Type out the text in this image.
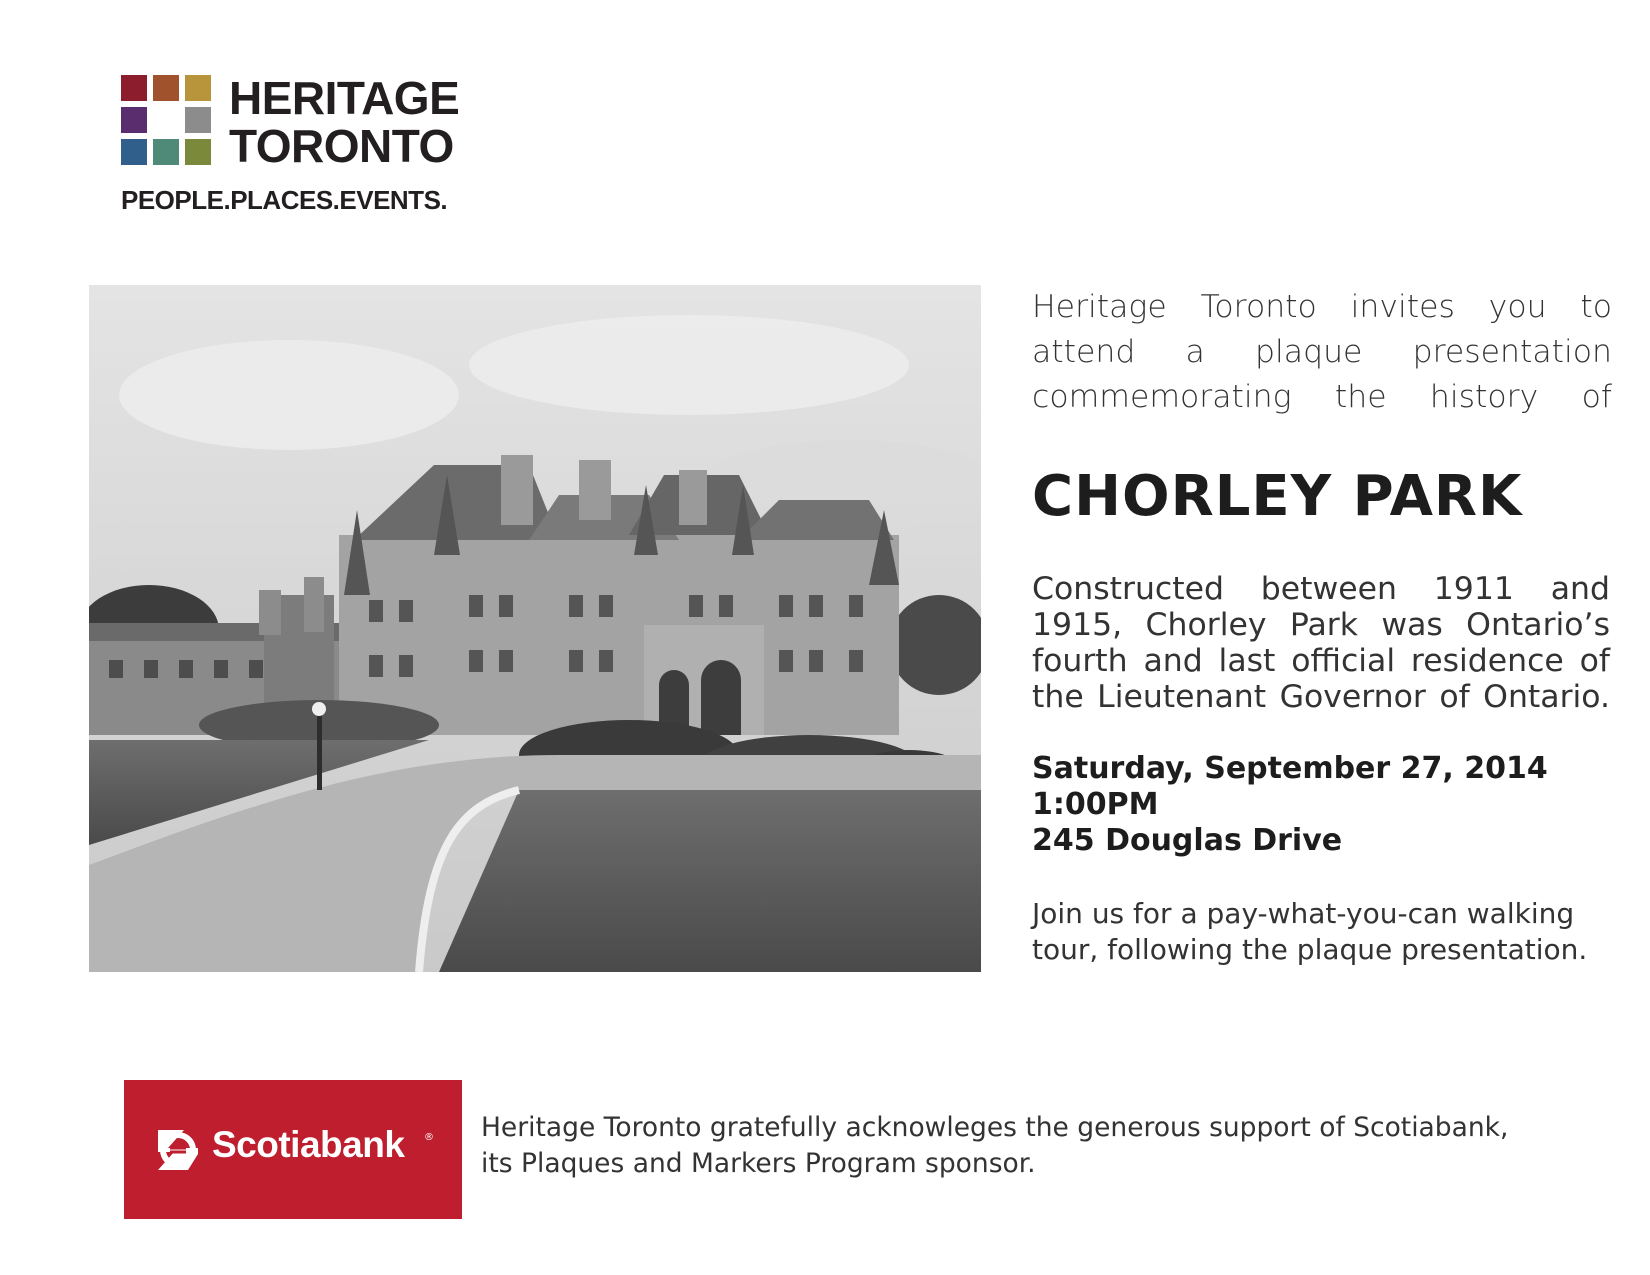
HERITAGE
TORONTO
PEOPLE.PLACES.EVENTS.

Heritage Toronto invites you to
attend a plaque presentation
commemorating the history of

CHORLEY PARK

Constructed between 1911 and
1915, Chorley Park was Ontario’s
fourth and last official residence of
the Lieutenant Governor of Ontario.

Saturday, September 27, 2014
1:00PM
245 Douglas Drive

Join us for a pay-what-you-can walking
tour, following the plaque presentation.

Scotiabank ® Heritage Toronto gratefully acknowleges the generous support of Scotiabank,
its Plaques and Markers Program sponsor.
